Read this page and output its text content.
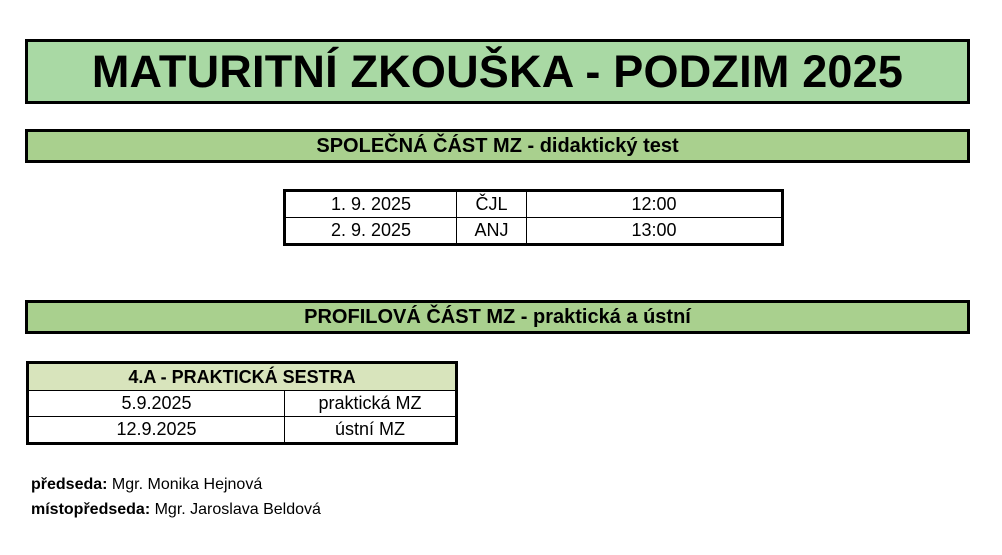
MATURITNÍ ZKOUŠKA - PODZIM 2025
SPOLEČNÁ ČÁST MZ - didaktický test
1. 9. 2025	ČJL	12:00
2. 9. 2025	ANJ	13:00
PROFILOVÁ ČÁST MZ - praktická a ústní
4.A - PRAKTICKÁ SESTRA	
5.9.2025	praktická MZ
12.9.2025	ústní MZ
předseda: Mgr. Monika Hejnová
místopředseda: Mgr. Jaroslava Beldová
